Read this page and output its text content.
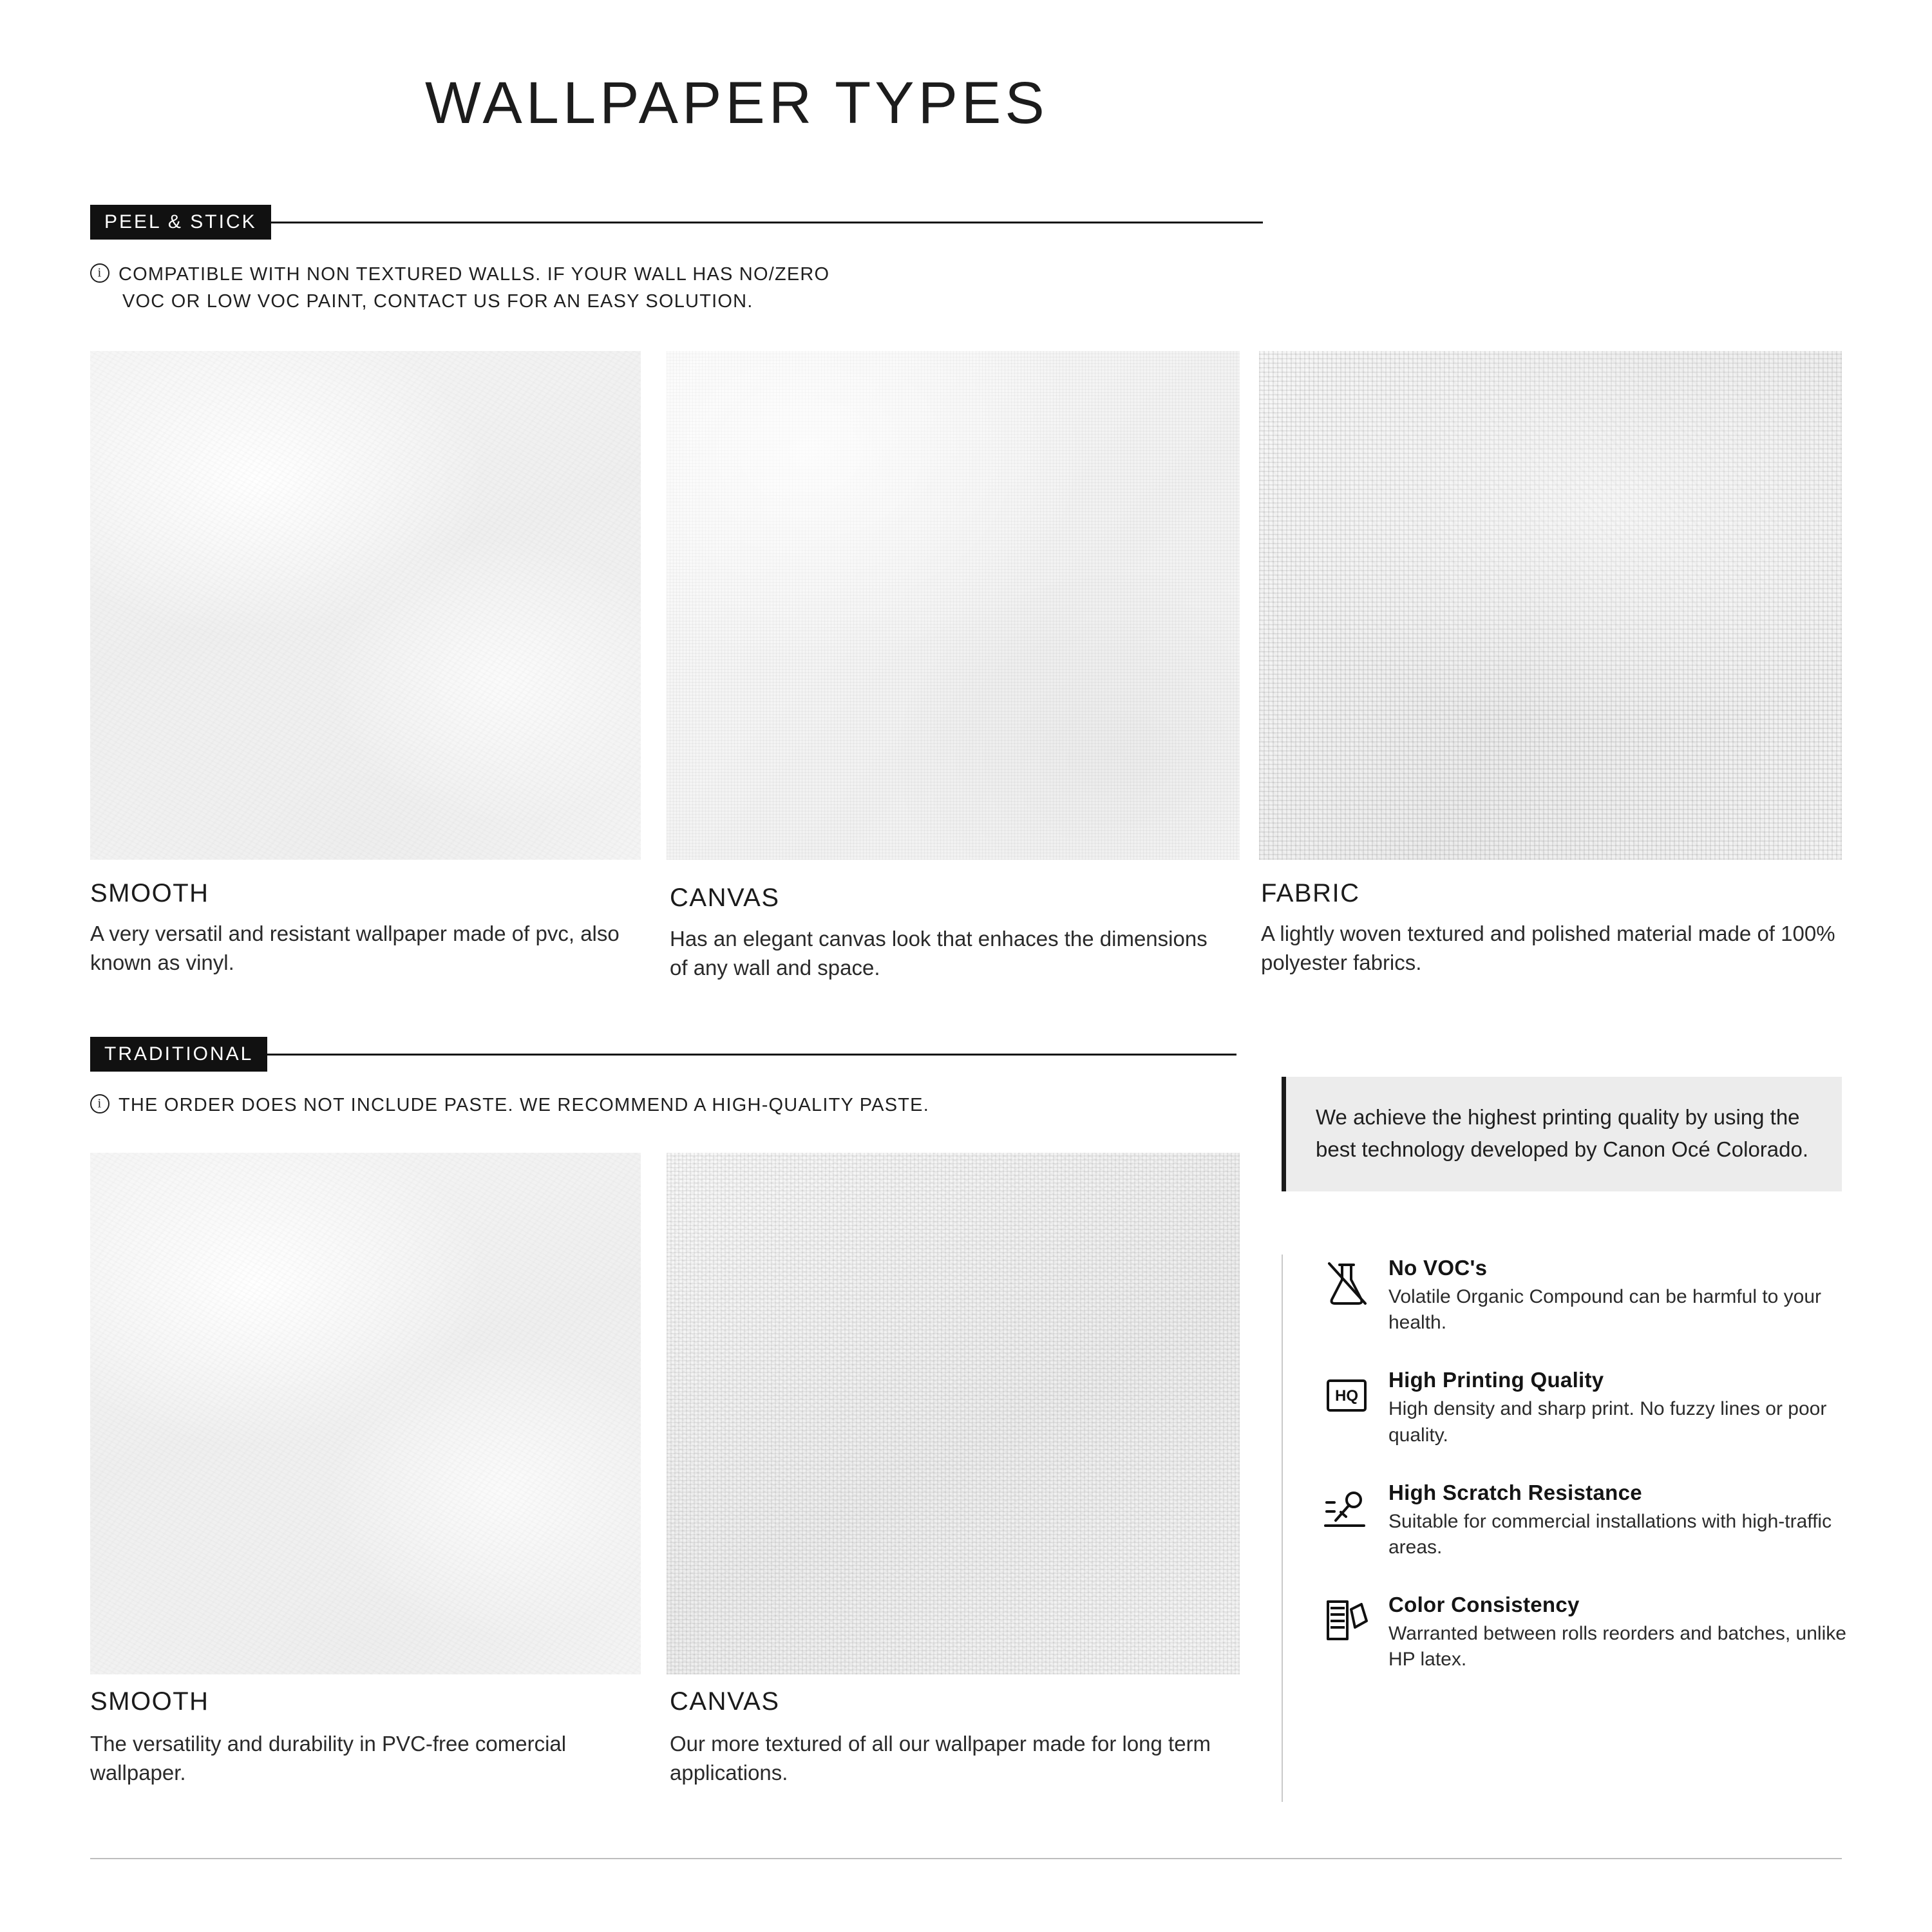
WALLPAPER TYPES
PEEL & STICK
i
COMPATIBLE WITH NON TEXTURED WALLS. IF YOUR WALL HAS NO/ZERO
VOC OR LOW VOC PAINT, CONTACT US FOR AN EASY SOLUTION.
SMOOTH
A very versatil and resistant wallpaper made of pvc, also known as vinyl.
CANVAS
Has an elegant canvas look that enhaces the dimensions of any wall and space.
FABRIC
A lightly woven textured and polished material made of 100% polyester fabrics.
TRADITIONAL
i
THE ORDER DOES NOT INCLUDE PASTE. WE RECOMMEND A HIGH-QUALITY PASTE.
SMOOTH
The versatility and durability in PVC-free comercial wallpaper.
CANVAS
Our more textured of all our wallpaper made for long term applications.
We achieve the highest printing quality by using the best technology developed by Canon Océ Colorado.
No VOC's
Volatile Organic Compound can be harmful to your health.
HQ
High Printing Quality
High density and sharp print. No fuzzy lines or poor quality.
High Scratch Resistance
Suitable for commercial installations with high-traffic areas.
Color Consistency
Warranted between rolls reorders and batches, unlike HP latex.
